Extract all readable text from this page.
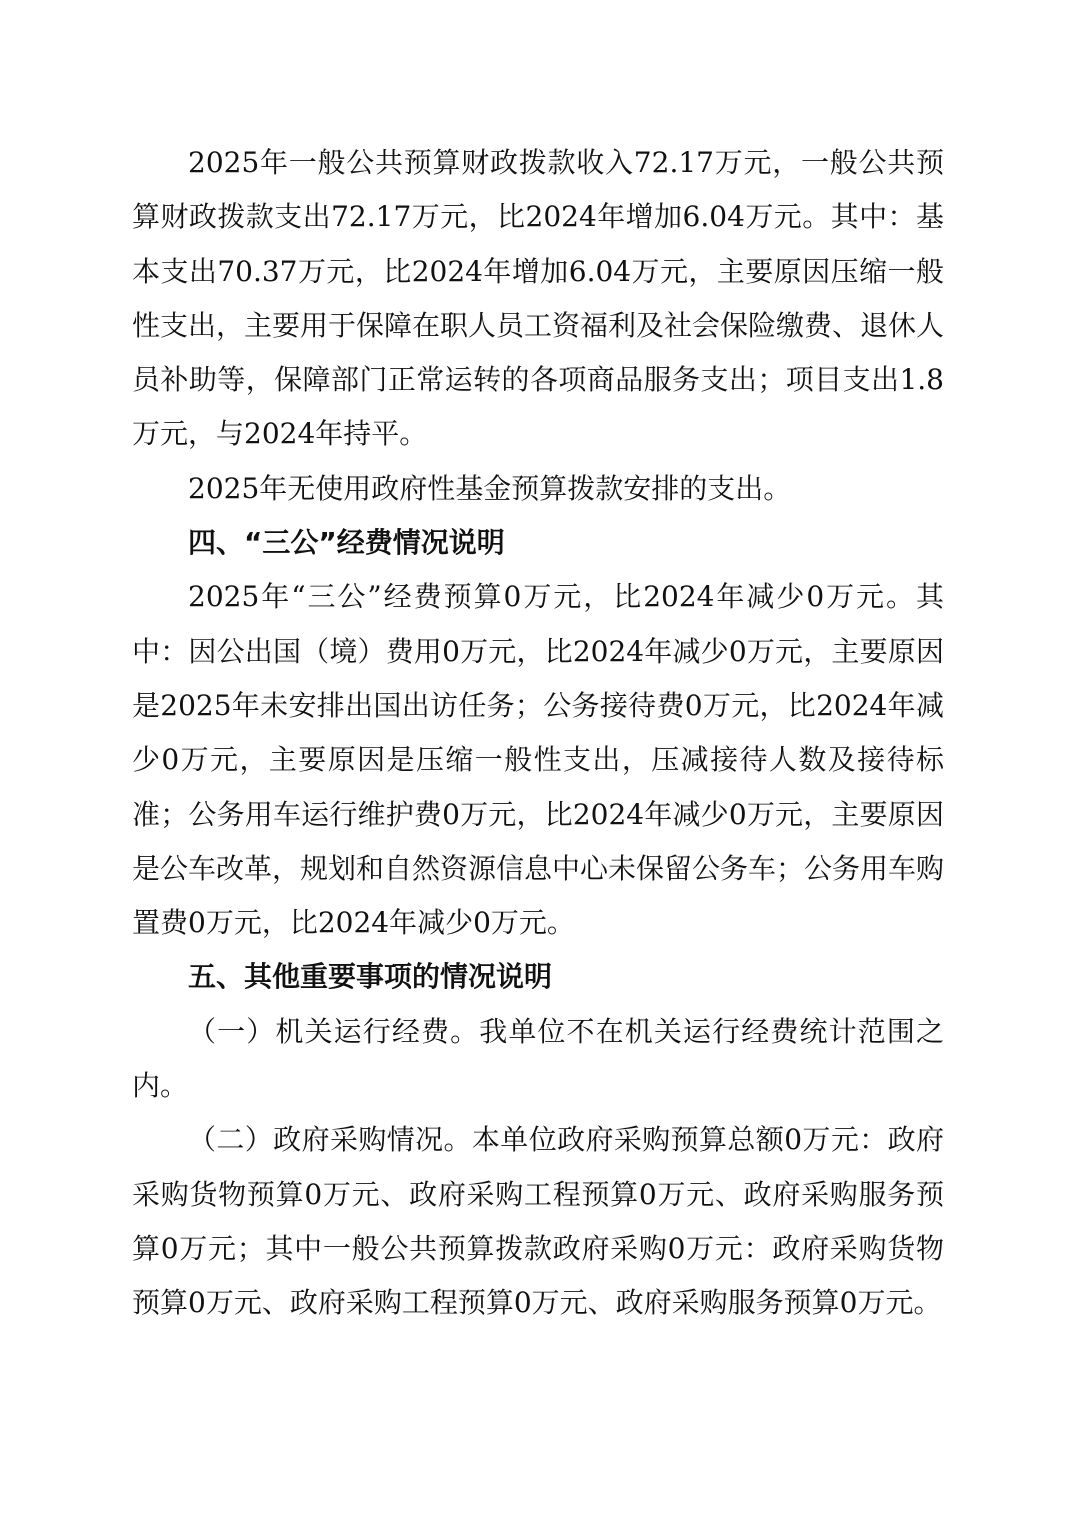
2025年一般公共预算财政拨款收入72.17万元，一般公共预算财政拨款支出72.17万元，比2024年增加6.04万元。其中：基本支出70.37万元，比2024年增加6.04万元，主要原因压缩一般性支出，主要用于保障在职人员工资福利及社会保险缴费、退休人员补助等，保障部门正常运转的各项商品服务支出；项目支出1.8万元，与2024年持平。

2025年无使用政府性基金预算拨款安排的支出。

四、“三公”经费情况说明

2025年“三公”经费预算0万元，比2024年减少0万元。其中：因公出国（境）费用0万元，比2024年减少0万元，主要原因是2025年未安排出国出访任务；公务接待费0万元，比2024年减少0万元，主要原因是压缩一般性支出，压减接待人数及接待标准；公务用车运行维护费0万元，比2024年减少0万元，主要原因是公车改革，规划和自然资源信息中心未保留公务车；公务用车购置费0万元，比2024年减少0万元。

五、其他重要事项的情况说明

（一）机关运行经费。我单位不在机关运行经费统计范围之内。

（二）政府采购情况。本单位政府采购预算总额0万元：政府采购货物预算0万元、政府采购工程预算0万元、政府采购服务预算0万元；其中一般公共预算拨款政府采购0万元：政府采购货物预算0万元、政府采购工程预算0万元、政府采购服务预算0万元。
